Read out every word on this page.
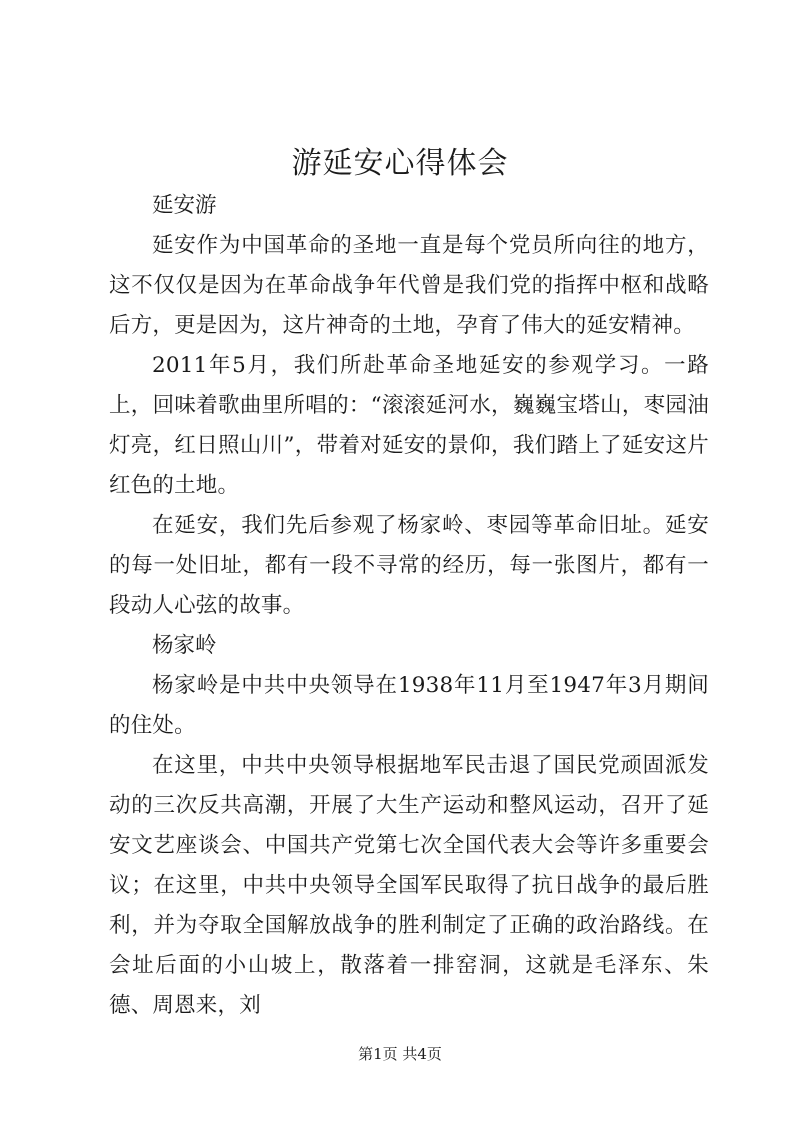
游延安心得体会

延安游

延安作为中国革命的圣地一直是每个党员所向往的地方，这不仅仅是因为在革命战争年代曾是我们党的指挥中枢和战略后方，更是因为，这片神奇的土地，孕育了伟大的延安精神。

2011年5月，我们所赴革命圣地延安的参观学习。一路上，回味着歌曲里所唱的：“滚滚延河水，巍巍宝塔山，枣园油灯亮，红日照山川”，带着对延安的景仰，我们踏上了延安这片红色的土地。

在延安，我们先后参观了杨家岭、枣园等革命旧址。延安的每一处旧址，都有一段不寻常的经历，每一张图片，都有一段动人心弦的故事。

杨家岭

杨家岭是中共中央领导在1938年11月至1947年3月期间的住处。

在这里，中共中央领导根据地军民击退了国民党顽固派发动的三次反共高潮，开展了大生产运动和整风运动，召开了延安文艺座谈会、中国共产党第七次全国代表大会等许多重要会议；在这里，中共中央领导全国军民取得了抗日战争的最后胜利，并为夺取全国解放战争的胜利制定了正确的政治路线。在会址后面的小山坡上，散落着一排窑洞，这就是毛泽东、朱德、周恩来，刘

第1页 共4页
